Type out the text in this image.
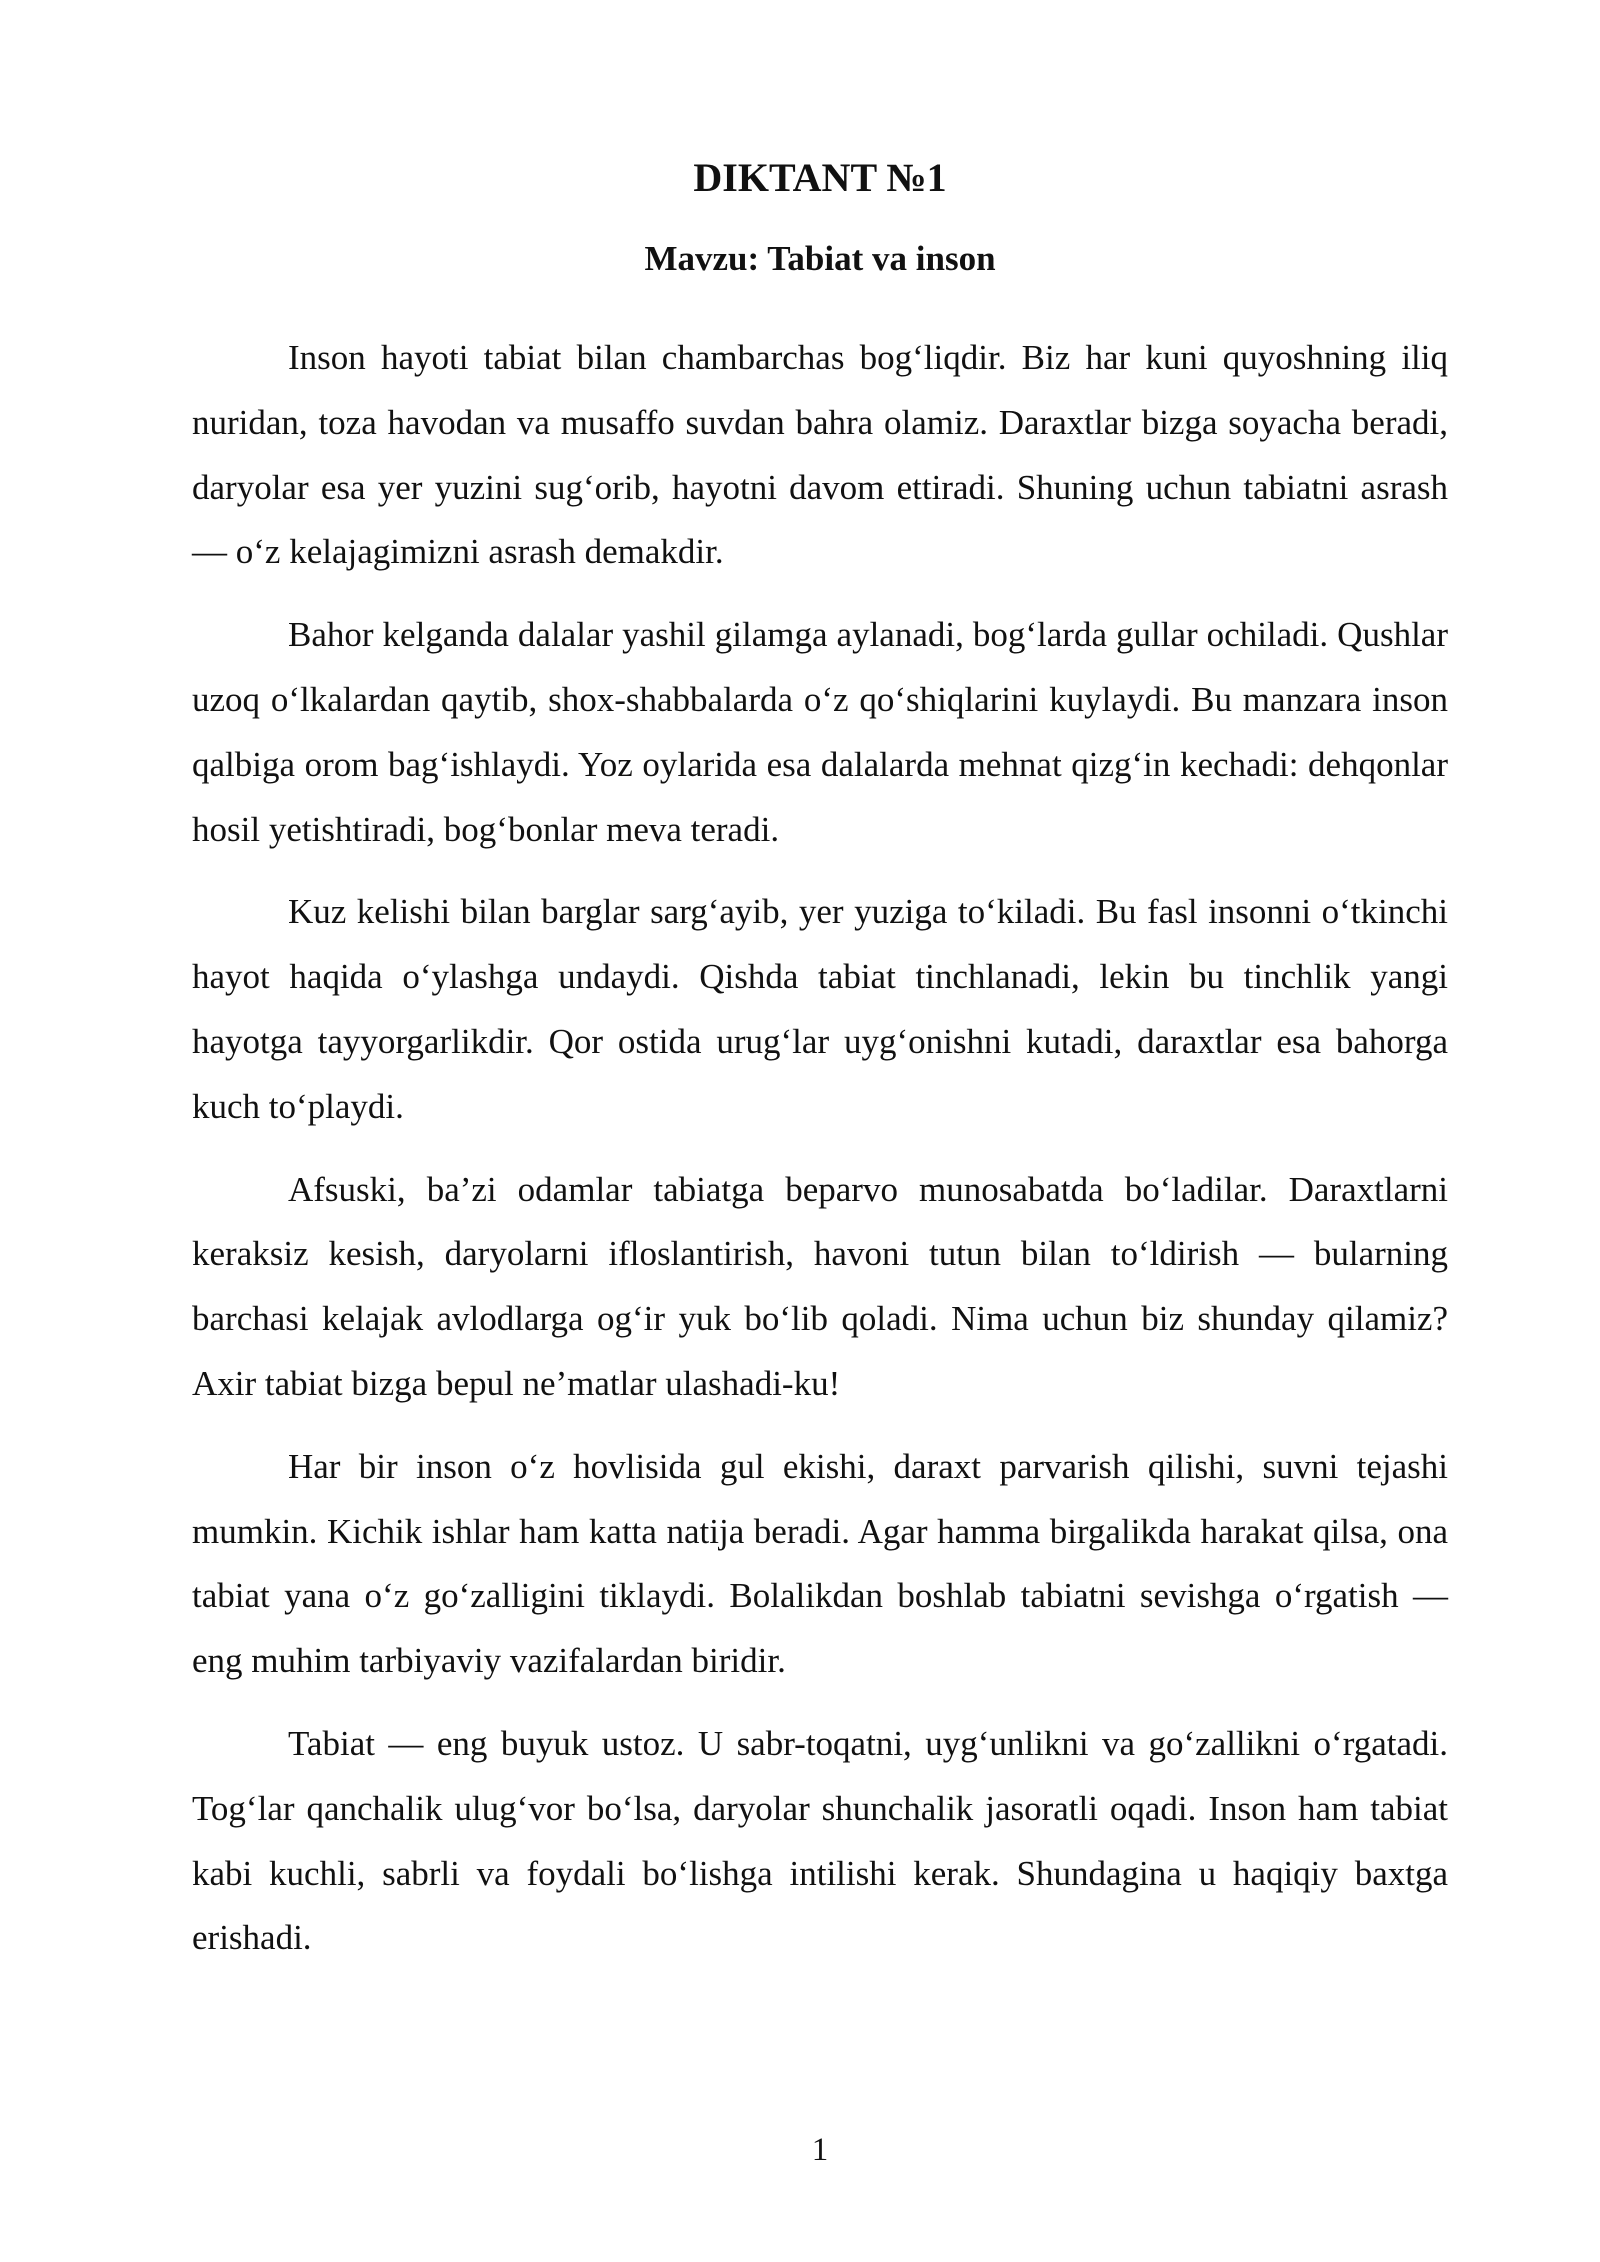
DIKTANT №1
Mavzu: Tabiat va inson

Inson hayoti tabiat bilan chambarchas bog‘liqdir. Biz har kuni quyoshning iliq nuridan, toza havodan va musaffo suvdan bahra olamiz. Daraxtlar bizga soyacha beradi, daryolar esa yer yuzini sug‘orib, hayotni davom ettiradi. Shuning uchun tabiatni asrash — o‘z kelajagimizni asrash demakdir.

Bahor kelganda dalalar yashil gilamga aylanadi, bog‘larda gullar ochiladi. Qushlar uzoq o‘lkalardan qaytib, shox-shabbalarda o‘z qo‘shiqlarini kuylaydi. Bu manzara inson qalbiga orom bag‘ishlaydi. Yoz oylarida esa dalalarda mehnat qizg‘in kechadi: dehqonlar hosil yetishtiradi, bog‘bonlar meva teradi.

Kuz kelishi bilan barglar sarg‘ayib, yer yuziga to‘kiladi. Bu fasl insonni o‘tkinchi hayot haqida o‘ylashga undaydi. Qishda tabiat tinchlanadi, lekin bu tinchlik yangi hayotga tayyorgarlikdir. Qor ostida urug‘lar uyg‘onishni kutadi, daraxtlar esa bahorga kuch to‘playdi.

Afsuski, ba’zi odamlar tabiatga beparvo munosabatda bo‘ladilar. Daraxtlarni keraksiz kesish, daryolarni ifloslantirish, havoni tutun bilan to‘ldirish — bularning barchasi kelajak avlodlarga og‘ir yuk bo‘lib qoladi. Nima uchun biz shunday qilamiz? Axir tabiat bizga bepul ne’matlar ulashadi-ku!

Har bir inson o‘z hovlisida gul ekishi, daraxt parvarish qilishi, suvni tejashi mumkin. Kichik ishlar ham katta natija beradi. Agar hamma birgalikda harakat qilsa, ona tabiat yana o‘z go‘zalligini tiklaydi. Bolalikdan boshlab tabiatni sevishga o‘rgatish — eng muhim tarbiyaviy vazifalardan biridir.

Tabiat — eng buyuk ustoz. U sabr-toqatni, uyg‘unlikni va go‘zallikni o‘rgatadi. Tog‘lar qanchalik ulug‘vor bo‘lsa, daryolar shunchalik jasoratli oqadi. Inson ham tabiat kabi kuchli, sabrli va foydali bo‘lishga intilishi kerak. Shundagina u haqiqiy baxtga erishadi.

1
